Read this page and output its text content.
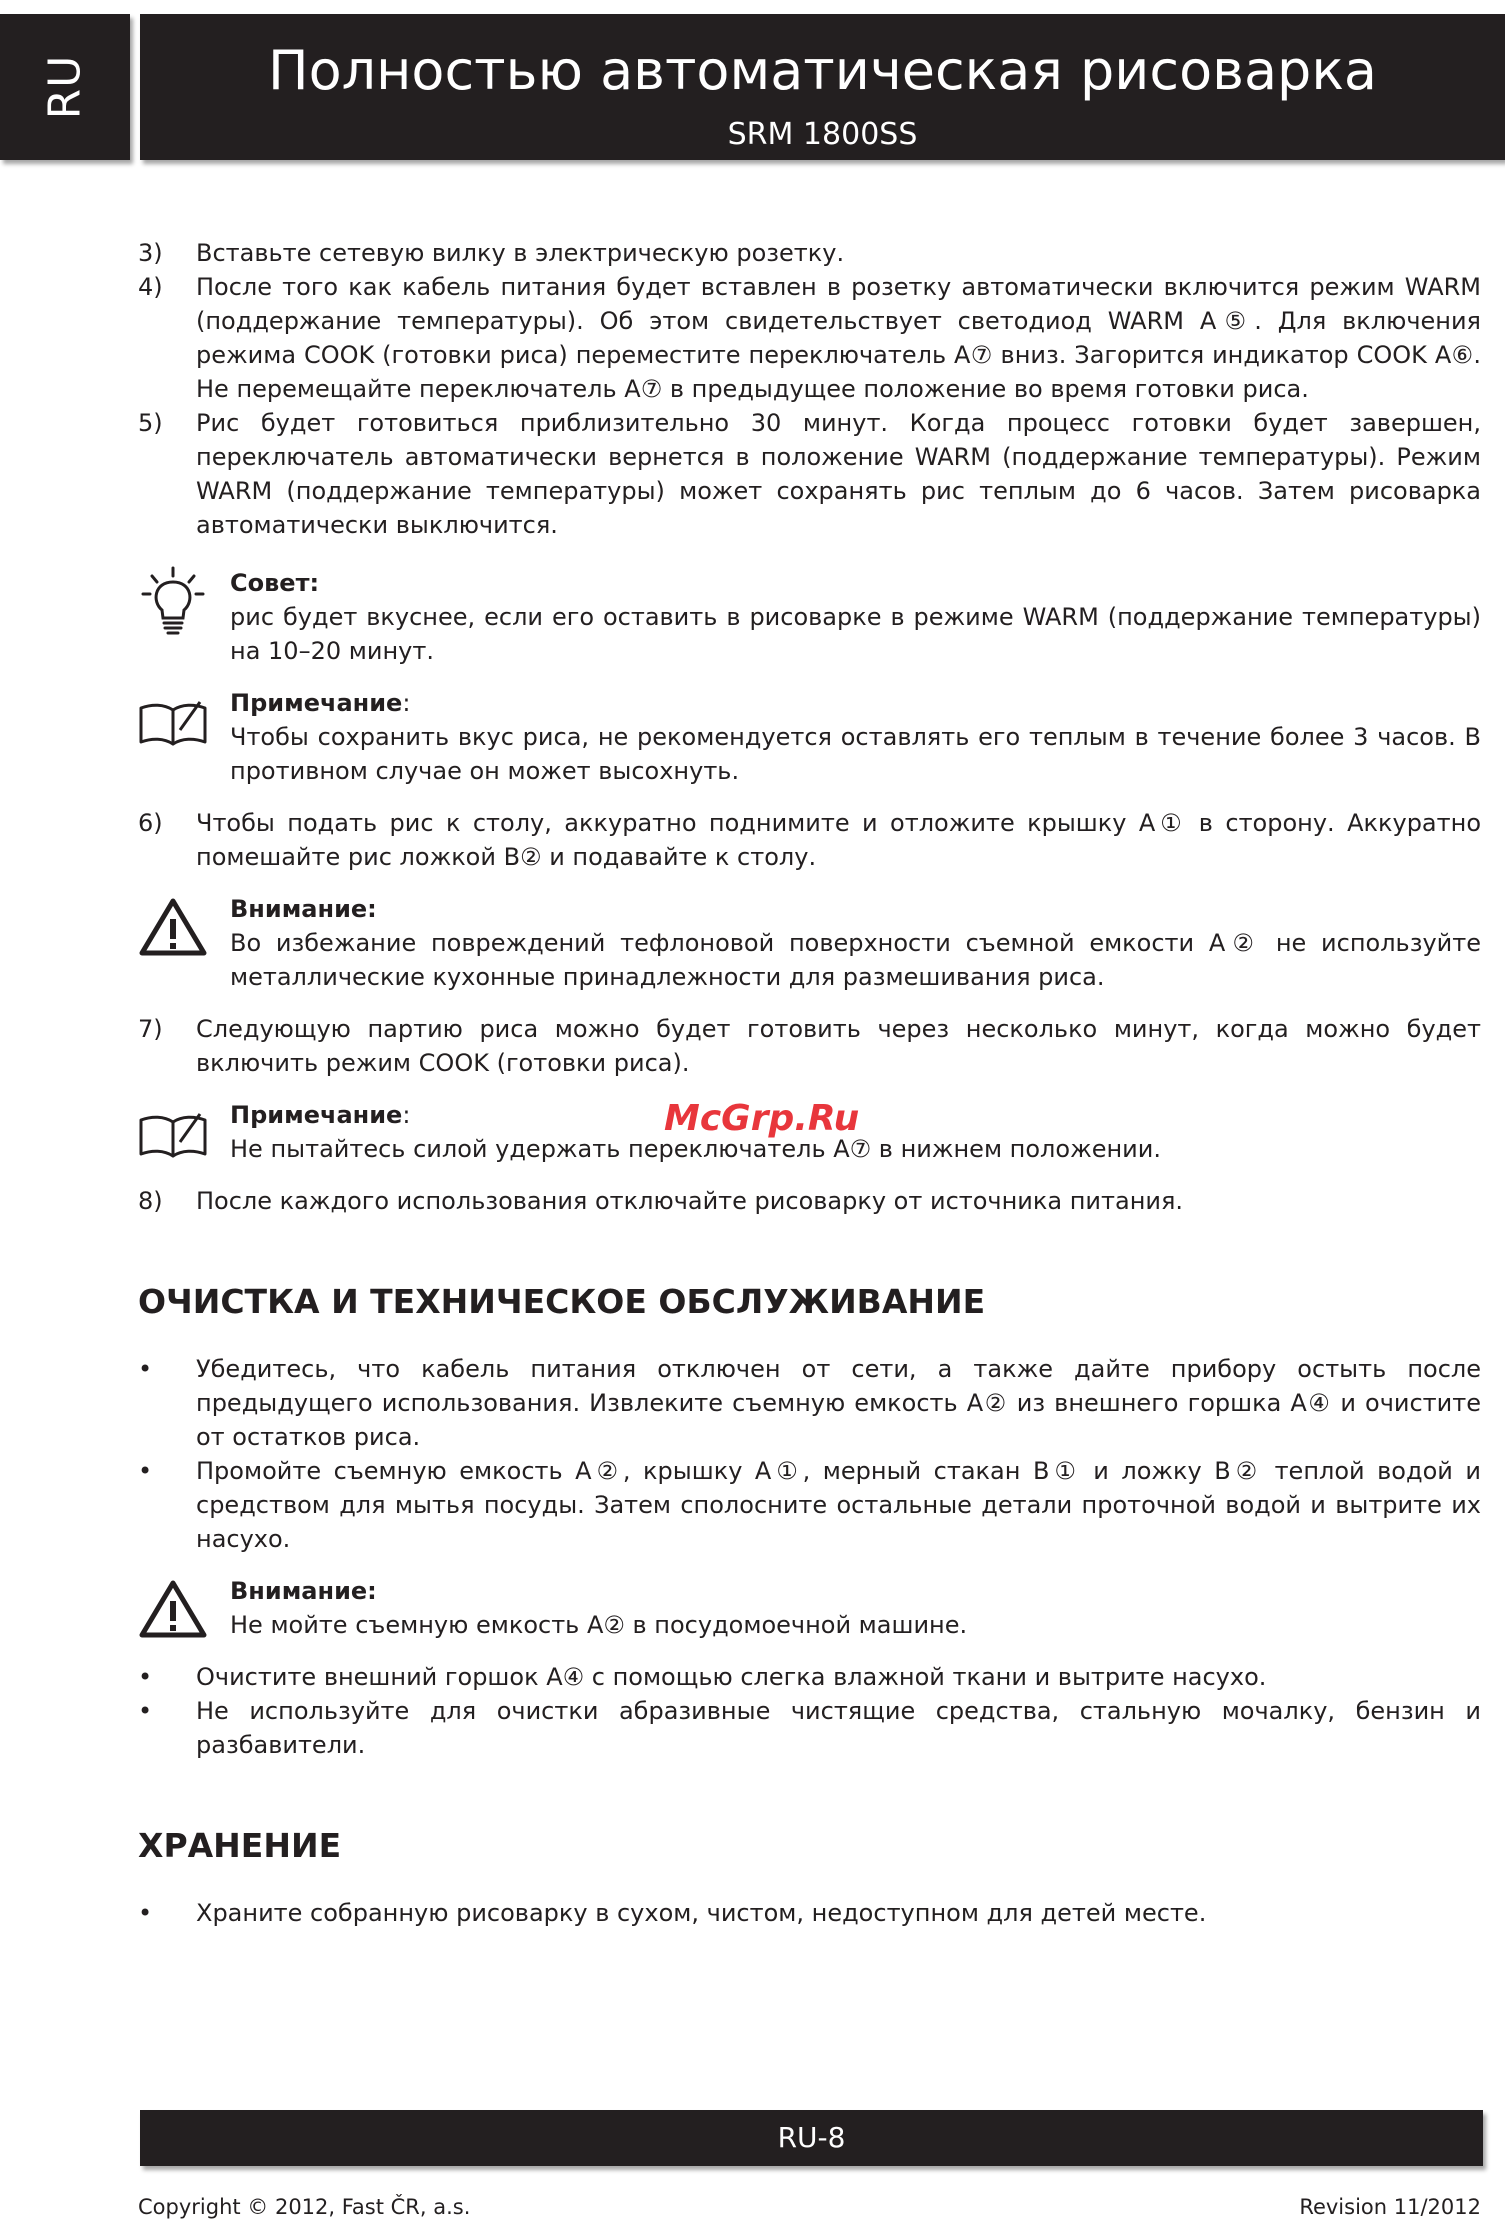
RU	Полностью автоматическая рисоварка
SRM 1800SS
3) Вставьте сетевую вилку в электрическую розетку.
4) После того как кабель питания будет вставлен в розетку автоматически включится режим WARM (поддержание температуры). Об этом свидетельствует светодиод WARM A⑤. Для включения режима COOK (готовки риса) переместите переключатель A⑦ вниз. Загорится индикатор COOK A⑥. Не перемещайте переключатель A⑦ в предыдущее положение во время готовки риса.
5) Рис будет готовиться приблизительно 30 минут. Когда процесс готовки будет завершен, переключатель автоматически вернется в положение WARM (поддержание температуры). Режим WARM (поддержание температуры) может сохранять рис теплым до 6 часов. Затем рисоварка автоматически выключится.
Совет:
рис будет вкуснее, если его оставить в рисоварке в режиме WARM (поддержание температуры) на 10–20 минут.
Примечание:
Чтобы сохранить вкус риса, не рекомендуется оставлять его теплым в течение более 3 часов. В противном случае он может высохнуть.
6) Чтобы подать рис к столу, аккуратно поднимите и отложите крышку A① в сторону. Аккуратно помешайте рис ложкой B② и подавайте к столу.
Внимание:
Во избежание повреждений тефлоновой поверхности съемной емкости A② не используйте металлические кухонные принадлежности для размешивания риса.
7) Следующую партию риса можно будет готовить через несколько минут, когда можно будет включить режим COOK (готовки риса).
Примечание:
Не пытайтесь силой удержать переключатель A⑦ в нижнем положении.
8) После каждого использования отключайте рисоварку от источника питания.
ОЧИСТКА И ТЕХНИЧЕСКОЕ ОБСЛУЖИВАНИЕ
• Убедитесь, что кабель питания отключен от сети, а также дайте прибору остыть после предыдущего использования. Извлеките съемную емкость A② из внешнего горшка A④ и очистите от остатков риса.
• Промойте съемную емкость A②, крышку A①, мерный стакан B① и ложку B② теплой водой и средством для мытья посуды. Затем сполосните остальные детали проточной водой и вытрите их насухо.
Внимание:
Не мойте съемную емкость A② в посудомоечной машине.
• Очистите внешний горшок A④ с помощью слегка влажной ткани и вытрите насухо.
• Не используйте для очистки абразивные чистящие средства, стальную мочалку, бензин и разбавители.
ХРАНЕНИЕ
• Храните собранную рисоварку в сухом, чистом, недоступном для детей месте.
McGrp.Ru
RU-8
Copyright © 2012, Fast ČR, a.s.	Revision 11/2012
